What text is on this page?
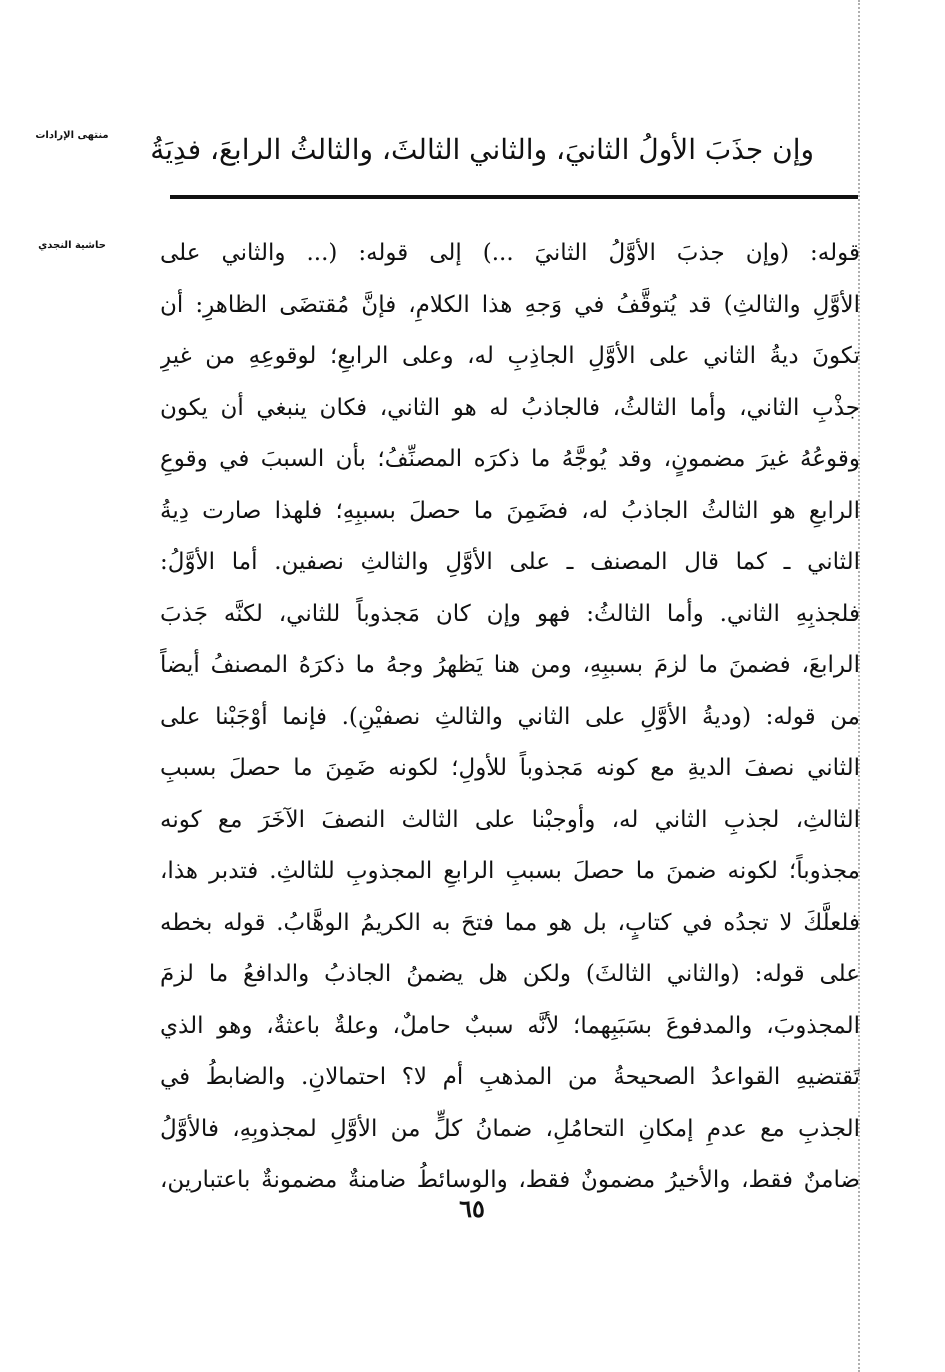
منتهى الإرادات	وإن جذَبَ الأولُ الثانيَ، والثاني الثالثَ، والثالثُ الرابعَ، فدِيَةُ
حاشية النجدي	قوله: (وإن جذبَ الأوَّلُ الثانيَ ...) إلى قوله: (... والثاني على
الأوَّلِ والثالثِ) قد يُتوقَّفُ في وَجهِ هذا الكلامِ، فإنَّ مُقتضَى الظاهرِ: أن
تكونَ ديةُ الثاني على الأوَّلِ الجاذِبِ له، وعلى الرابعِ؛ لوقوعِهِ من غيرِ
جذْبِ الثاني، وأما الثالثُ، فالجاذبُ له هو الثاني، فكان ينبغي أن يكون
وقوعُهُ غيرَ مضمونٍ، وقد يُوجَّهُ ما ذكرَه المصنِّفُ؛ بأن السببَ في وقوعِ
الرابعِ هو الثالثُ الجاذبُ له، فضَمِنَ ما حصلَ بسببِهِ؛ فلهذا صارت دِيةُ
الثاني ـ كما قال المصنف ـ على الأوَّلِ والثالثِ نصفين. أما الأوَّلُ:
فلجذبِهِ الثاني. وأما الثالثُ: فهو وإن كان مَجذوباً للثاني، لكنَّه جَذبَ
الرابعَ، فضمنَ ما لزمَ بسببِهِ، ومن هنا يَظهرُ وجهُ ما ذكرَهُ المصنفُ أيضاً
من قوله: (وديةُ الأوَّلِ على الثاني والثالثِ نصفيْنِ). فإنما أوْجَبْنا على
الثاني نصفَ الديةِ مع كونه مَجذوباً للأولِ؛ لكونه ضَمِنَ ما حصلَ بسببِ
الثالثِ، لجذبِ الثاني له، وأوجبْنا على الثالث النصفَ الآخَرَ مع كونه
مجذوباً؛ لكونه ضمنَ ما حصلَ بسببِ الرابعِ المجذوبِ للثالثِ. فتدبر هذا،
فلعلَّكَ لا تجدُه في كتابٍ، بل هو مما فتحَ به الكريمُ الوهَّابُ. قوله بخطه
على قوله: (والثاني الثالثَ) ولكن هل يضمنُ الجاذبُ والدافعُ ما لزمَ
المجذوبَ، والمدفوعَ بسَبَبِهما؛ لأنَّه سببٌ حاملٌ، وعلةٌ باعثةٌ، وهو الذي
تَقتضيهِ القواعدُ الصحيحةُ من المذهبِ أم لا؟ احتمالانِ. والضابطُ في
الجذبِ مع عدمِ إمكانِ التحامُلِ، ضمانُ كلٍّ من الأوَّلِ لمجذوبِهِ، فالأوَّلُ
ضامنٌ فقط، والأخيرُ مضمونٌ فقط، والوسائطُ ضامنةٌ مضمونةٌ باعتبارين،
٦٥
